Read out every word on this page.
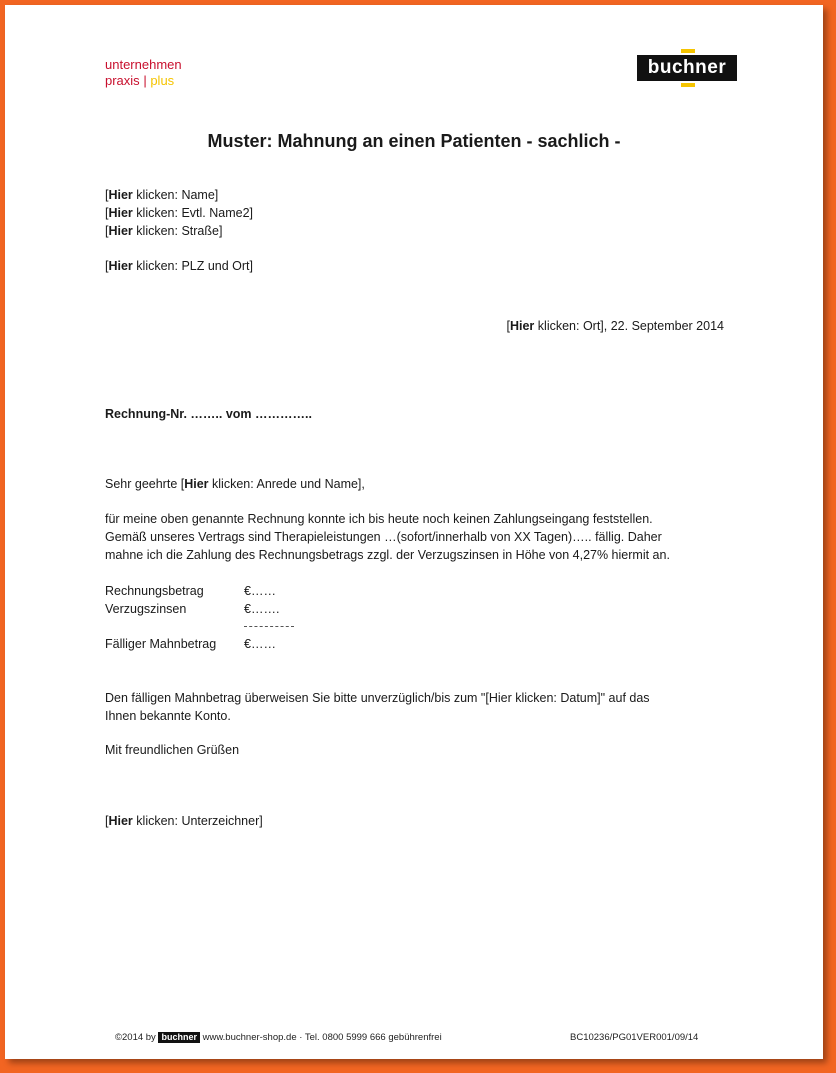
unternehmen
praxis | plus
buchner
Muster: Mahnung an einen Patienten - sachlich -
[Hier klicken: Name]
[Hier klicken: Evtl. Name2]
[Hier klicken: Straße]
[Hier klicken: PLZ und Ort]
[Hier klicken: Ort], 22. September 2014
Rechnung-Nr. …….. vom …………..
Sehr geehrte [Hier klicken: Anrede und Name],
für meine oben genannte Rechnung konnte ich bis heute noch keinen Zahlungseingang feststellen.
Gemäß unseres Vertrags sind Therapieleistungen …(sofort/innerhalb von XX Tagen)….. fällig. Daher
mahne ich die Zahlung des Rechnungsbetrags zzgl. der Verzugszinsen in Höhe von 4,27% hiermit an.
Rechnungsbetrag	€……
Verzugszinsen	€…….
Fälliger Mahnbetrag €……
Den fälligen Mahnbetrag überweisen Sie bitte unverzüglich/bis zum "[Hier klicken: Datum]" auf das
Ihnen bekannte Konto.
Mit freundlichen Grüßen
[Hier klicken: Unterzeichner]
©2014 by buchner www.buchner-shop.de · Tel. 0800 5999 666 gebührenfrei	BC10236/PG01VER001/09/14
